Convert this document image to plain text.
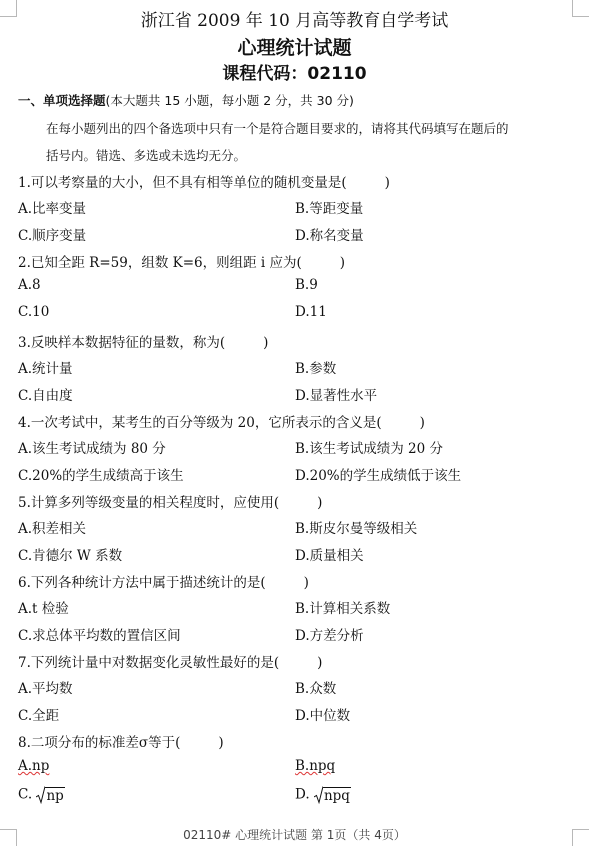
浙江省 2009 年 10 月高等教育自学考试
心理统计试题
课程代码：02110
一、单项选择题(本大题共 15 小题，每小题 2 分，共 30 分)
在每小题列出的四个备选项中只有一个是符合题目要求的，请将其代码填写在题后的
括号内。错选、多选或未选均无分。
1.可以考察量的大小，但不具有相等单位的随机变量是(	)
A.比率变量	B.等距变量
C.顺序变量	D.称名变量
2.已知全距 R=59，组数 K=6，则组距 i 应为(	)
A.8	B.9
C.10	D.11
3.反映样本数据特征的量数，称为(	)
A.统计量	B.参数
C.自由度	D.显著性水平
4.一次考试中，某考生的百分等级为 20，它所表示的含义是(	)
A.该生考试成绩为 80 分	B.该生考试成绩为 20 分
C.20%的学生成绩高于该生	D.20%的学生成绩低于该生
5.计算多列等级变量的相关程度时，应使用(	)
A.积差相关	B.斯皮尔曼等级相关
C.肯德尔 W 系数	D.质量相关
6.下列各种统计方法中属于描述统计的是(	)
A.t 检验	B.计算相关系数
C.求总体平均数的置信区间	D.方差分析
7.下列统计量中对数据变化灵敏性最好的是(	)
A.平均数	B.众数
C.全距	D.中位数
8.二项分布的标准差σ等于(	)
A.np	B.npq
C. np	D. npq
02110# 心理统计试题 第 1页（共 4页）
